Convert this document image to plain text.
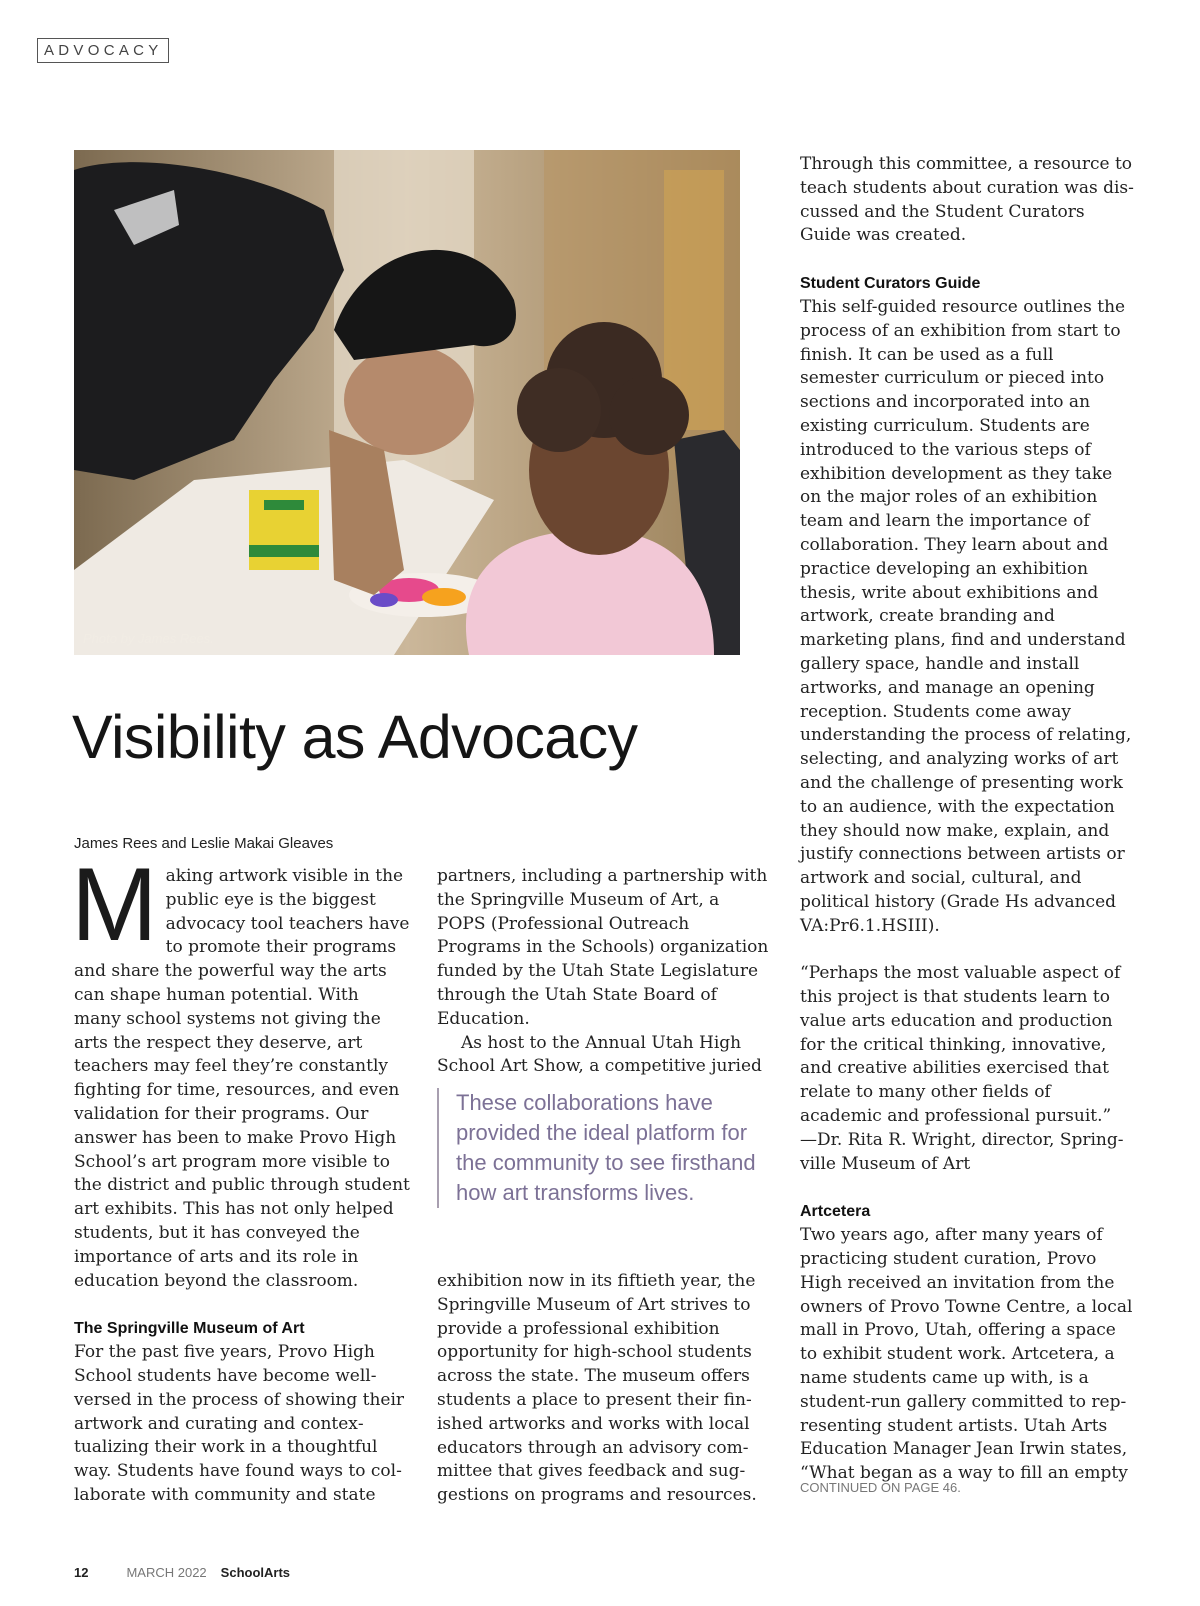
ADVOCACY
Photo by James Rees.
Visibility as Advocacy
James Rees and Leslie Makai Gleaves
M aking artwork visible in the public eye is the biggest advocacy tool teachers have to promote their programs and share the powerful way the arts can shape human potential. With many school systems not giving the arts the respect they deserve, art teachers may feel they’re constantly fighting for time, resources, and even validation for their programs. Our answer has been to make Provo High School’s art program more visible to the district and public through student art exhibits. This has not only helped students, but it has conveyed the importance of arts and its role in education beyond the classroom.

The Springville Museum of Art

For the past five years, Provo High School students have become well-versed in the process of showing their artwork and curating and contextualizing their work in a thoughtful way. Students have found ways to collaborate with community and state

partners, including a partnership with the Springville Museum of Art, a POPS (Professional Outreach Programs in the Schools) organization funded by the Utah State Legislature through the Utah State Board of Education.

As host to the Annual Utah High School Art Show, a competitive juried

These collaborations have provided the ideal platform for the community to see firsthand how art transforms lives.

exhibition now in its fiftieth year, the Springville Museum of Art strives to provide a professional exhibition opportunity for high-school students across the state. The museum offers students a place to present their finished artworks and works with local educators through an advisory committee that gives feedback and suggestions on programs and resources.

Through this committee, a resource to teach students about curation was discussed and the Student Curators Guide was created.

Student Curators Guide

This self-guided resource outlines the process of an exhibition from start to finish. It can be used as a full semester curriculum or pieced into sections and incorporated into an existing curriculum. Students are introduced to the various steps of exhibition development as they take on the major roles of an exhibition team and learn the importance of collaboration. They learn about and practice developing an exhibition thesis, write about exhibitions and artwork, create branding and marketing plans, find and understand gallery space, handle and install artworks, and manage an opening reception. Students come away understanding the process of relating, selecting, and analyzing works of art and the challenge of presenting work to an audience, with the expectation they should now make, explain, and justify connections between artists or artwork and social, cultural, and political history (Grade Hs advanced VA:Pr6.1.HSIII).

“Perhaps the most valuable aspect of this project is that students learn to value arts education and production for the critical thinking, innovative, and creative abilities exercised that relate to many other fields of academic and professional pursuit.”

—Dr. Rita R. Wright, director, Springville Museum of Art

Artcetera

Two years ago, after many years of practicing student curation, Provo High received an invitation from the owners of Provo Towne Centre, a local mall in Provo, Utah, offering a space to exhibit student work. Artcetera, a name students came up with, is a student-run gallery committed to representing student artists. Utah Arts Education Manager Jean Irwin states, “What began as a way to fill an empty

CONTINUED ON PAGE 46.
12	MARCH 2022 SchoolArts
